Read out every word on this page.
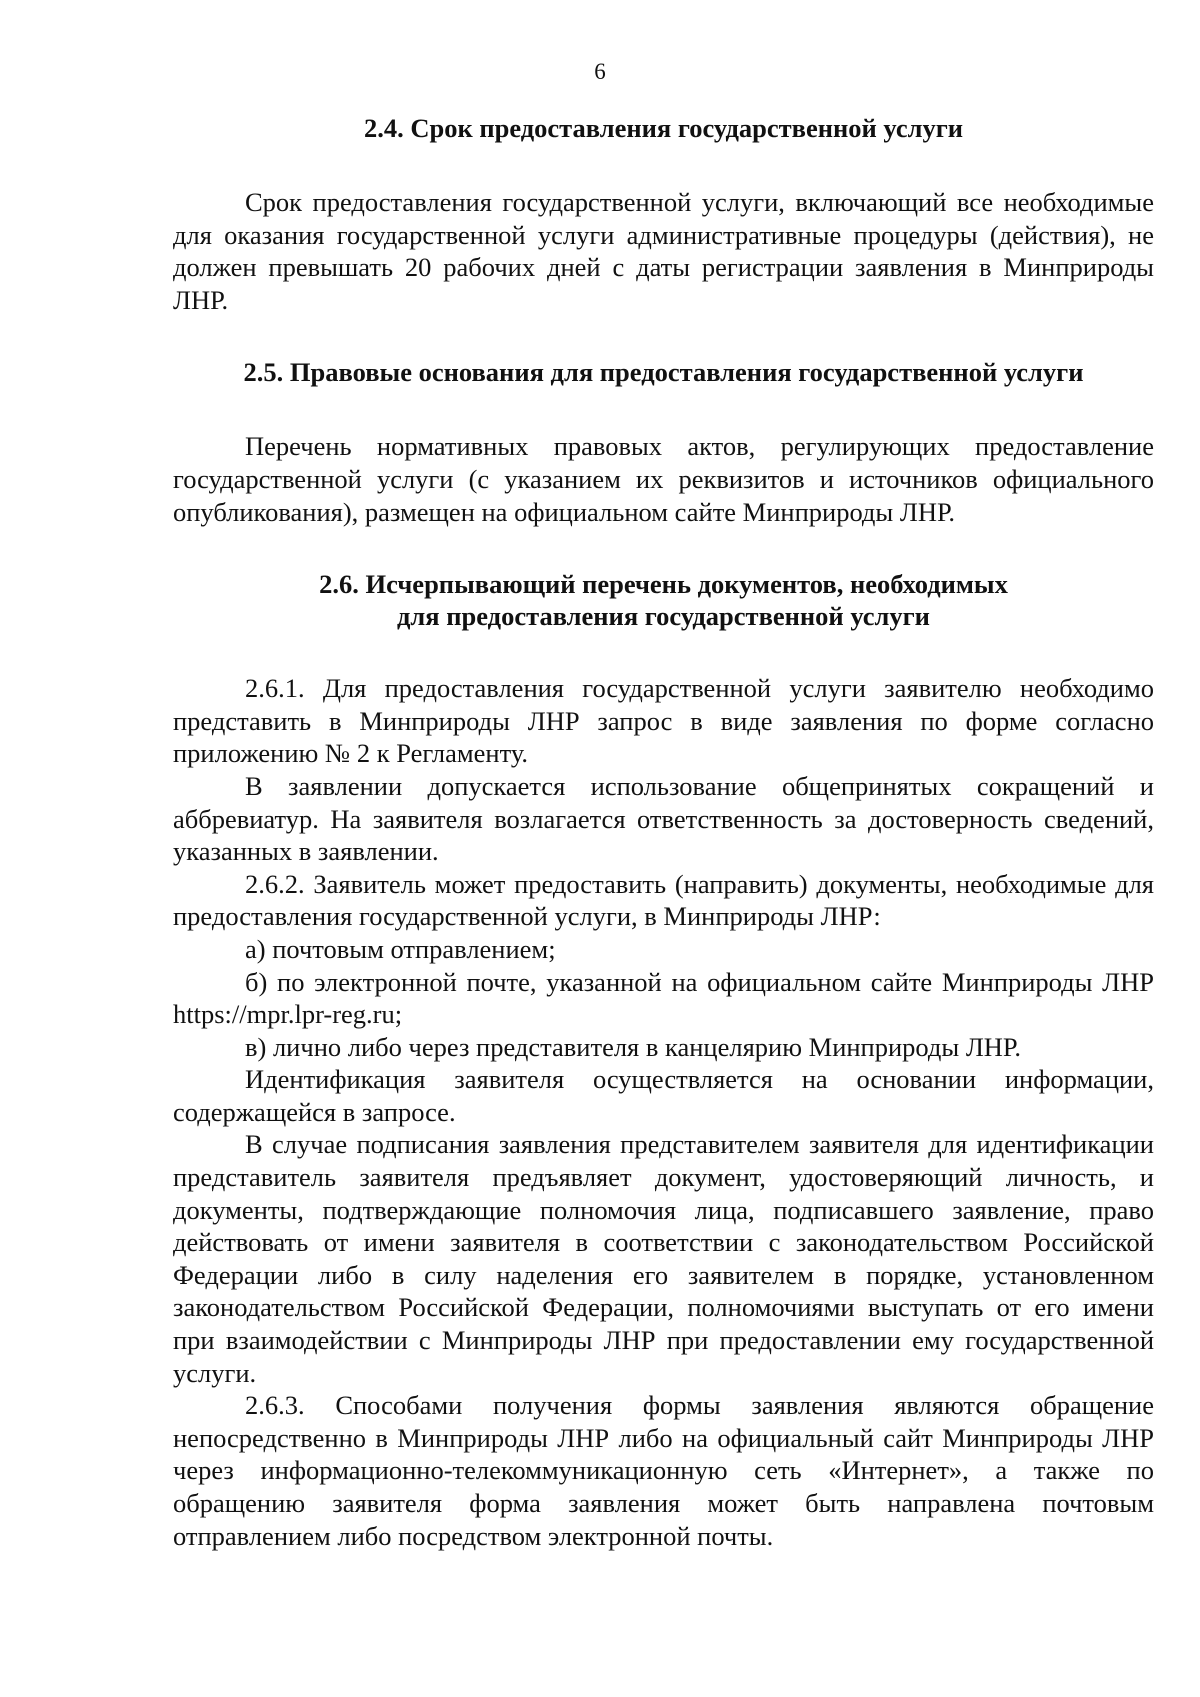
6
2.4. Срок предоставления государственной услуги

Срок предоставления государственной услуги, включающий все необходимые для оказания государственной услуги административные процедуры (действия), не должен превышать 20 рабочих дней с даты регистрации заявления в Минприроды ЛНР.

2.5. Правовые основания для предоставления государственной услуги

Перечень нормативных правовых актов, регулирующих предоставление государственной услуги (с указанием их реквизитов и источников официального опубликования), размещен на официальном сайте Минприроды ЛНР.

2.6. Исчерпывающий перечень документов, необходимых
для предоставления государственной услуги

2.6.1. Для предоставления государственной услуги заявителю необходимо представить в Минприроды ЛНР запрос в виде заявления по форме согласно приложению № 2 к Регламенту.

В заявлении допускается использование общепринятых сокращений и аббревиатур. На заявителя возлагается ответственность за достоверность сведений, указанных в заявлении.

2.6.2. Заявитель может предоставить (направить) документы, необходимые для предоставления государственной услуги, в Минприроды ЛНР:

а) почтовым отправлением;

б) по электронной почте, указанной на официальном сайте Минприроды ЛНР https://mpr.lpr-reg.ru;

в) лично либо через представителя в канцелярию Минприроды ЛНР.

Идентификация заявителя осуществляется на основании информации, содержащейся в запросе.

В случае подписания заявления представителем заявителя для идентификации представитель заявителя предъявляет документ, удостоверяющий личность, и документы, подтверждающие полномочия лица, подписавшего заявление, право действовать от имени заявителя в соответствии с законодательством Российской Федерации либо в силу наделения его заявителем в порядке, установленном законодательством Российской Федерации, полномочиями выступать от его имени при взаимодействии с Минприроды ЛНР при предоставлении ему государственной услуги.

2.6.3. Способами получения формы заявления являются обращение непосредственно в Минприроды ЛНР либо на официальный сайт Минприроды ЛНР через информационно-телекоммуникационную сеть «Интернет», а также по обращению заявителя форма заявления может быть направлена почтовым отправлением либо посредством электронной почты.
